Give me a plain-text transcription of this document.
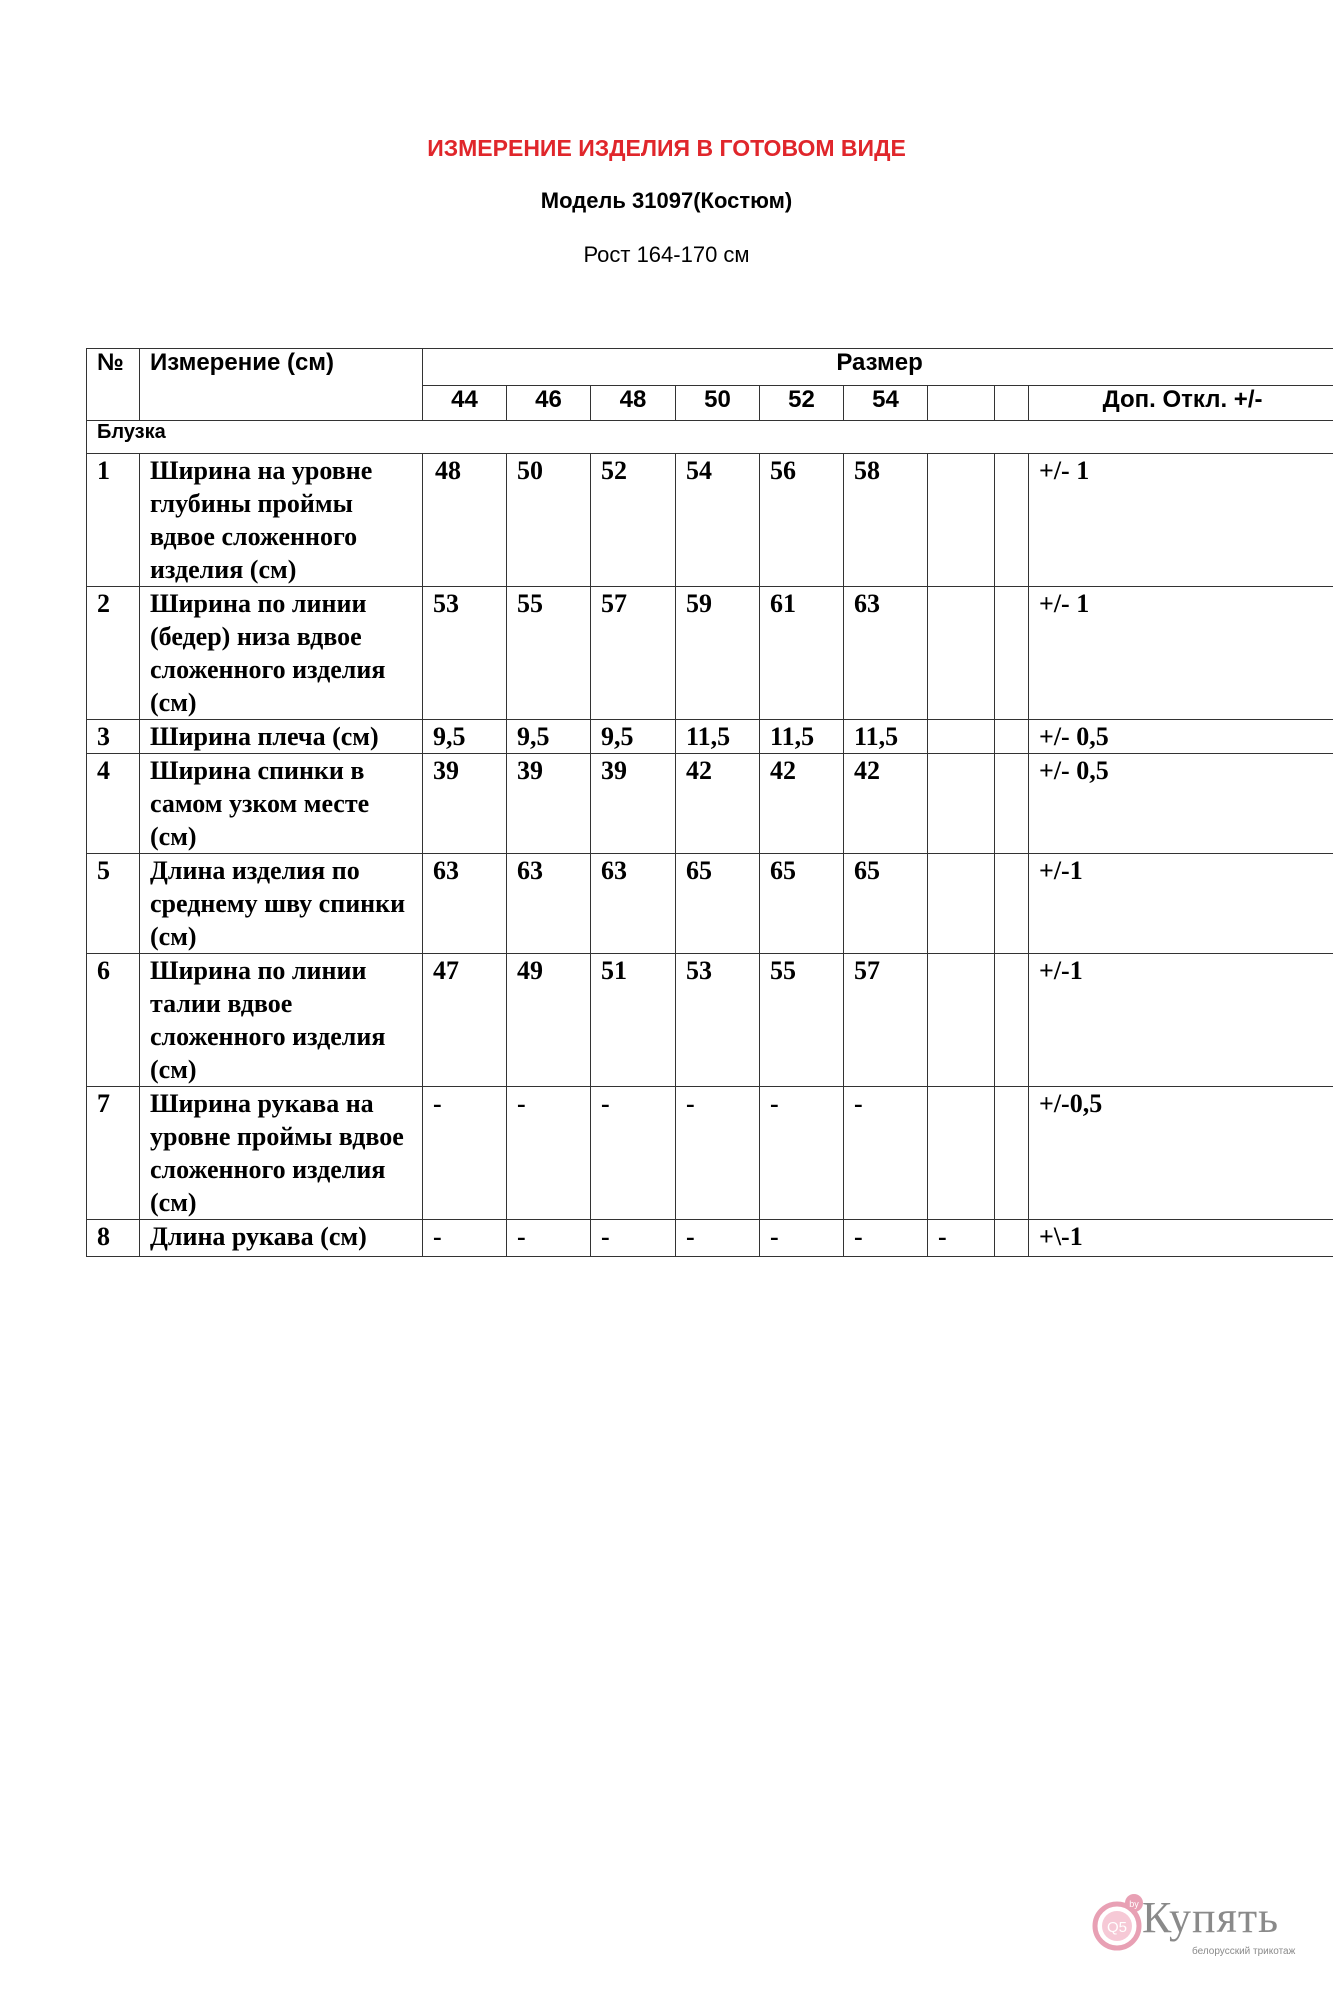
ИЗМЕРЕНИЕ ИЗДЕЛИЯ В ГОТОВОМ ВИДЕ
Модель 31097(Костюм)
Рост 164-170 см
№	Измерение (см)	Размер								
		44	46	48	50	52	54			Доп. Откл. +/-
Блузка										
1	Ширина на уровне глубины проймы вдвое сложенного изделия (см)	48	50	52	54	56	58			+/- 1
2	Ширина по линии (бедер) низа вдвое сложенного изделия (см)	53	55	57	59	61	63			+/- 1
3	Ширина плеча (см)	9,5	9,5	9,5	11,5	11,5	11,5			+/- 0,5
4	Ширина спинки в самом узком месте (см)	39	39	39	42	42	42			+/- 0,5
5	Длина изделия по среднему шву спинки (см)	63	63	63	65	65	65			+/-1
6	Ширина по линии талии вдвое сложенного изделия (см)	47	49	51	53	55	57			+/-1
7	Ширина рукава на уровне проймы вдвое сложенного изделия (см)	-	-	-	-	-	-			+/-0,5
8	Длина рукава (см)	-	-	-	-	-	-	-		+\-1
Q5
by Купять
белорусский трикотаж
